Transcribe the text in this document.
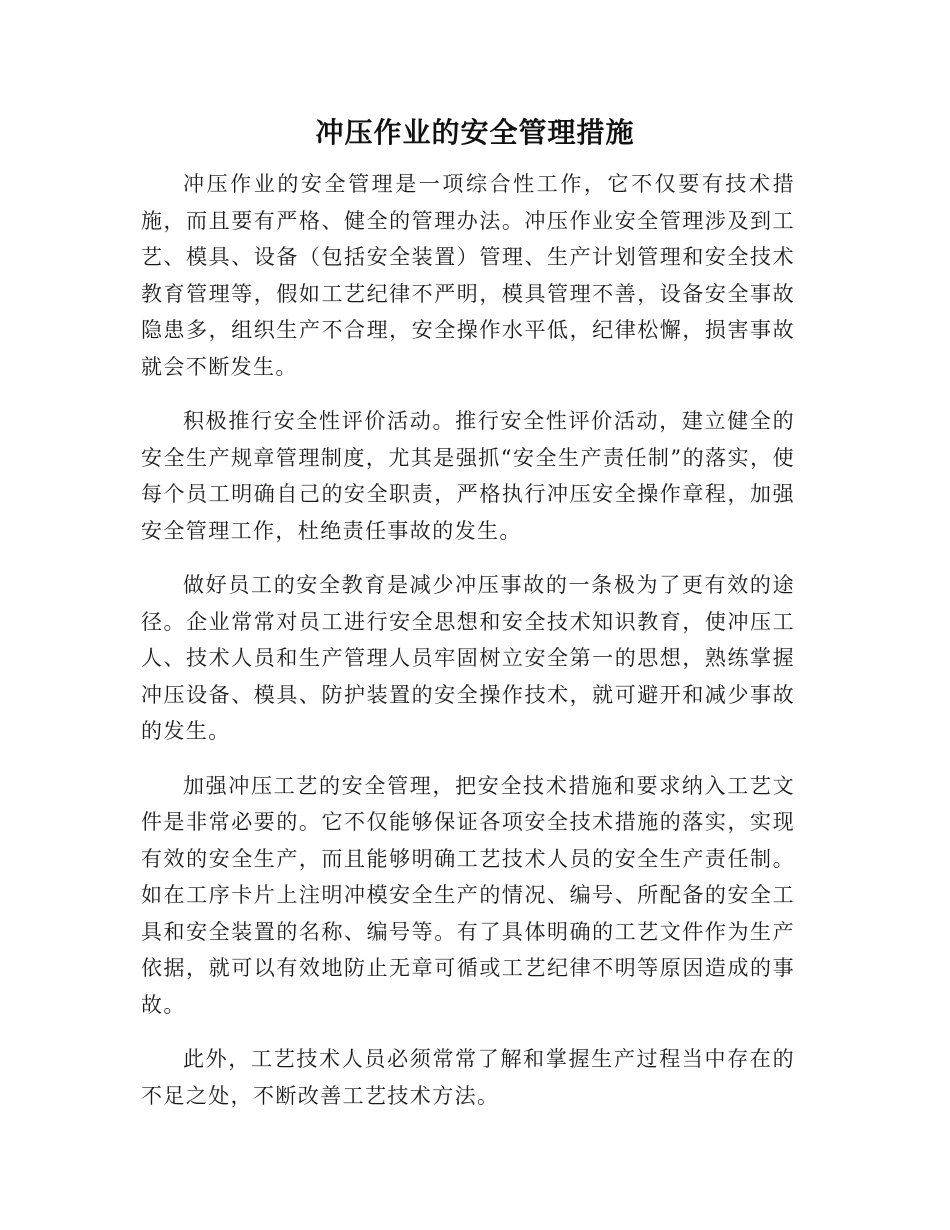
冲压作业的安全管理措施

冲压作业的安全管理是一项综合性工作，它不仅要有技术措施，而且要有严格、健全的管理办法。冲压作业安全管理涉及到工艺、模具、设备（包括安全装置）管理、生产计划管理和安全技术教育管理等，假如工艺纪律不严明，模具管理不善，设备安全事故隐患多，组织生产不合理，安全操作水平低，纪律松懈，损害事故就会不断发生。

积极推行安全性评价活动。推行安全性评价活动，建立健全的安全生产规章管理制度，尤其是强抓“安全生产责任制”的落实，使每个员工明确自己的安全职责，严格执行冲压安全操作章程，加强安全管理工作，杜绝责任事故的发生。

做好员工的安全教育是减少冲压事故的一条极为了更有效的途径。企业常常对员工进行安全思想和安全技术知识教育，使冲压工人、技术人员和生产管理人员牢固树立安全第一的思想，熟练掌握冲压设备、模具、防护装置的安全操作技术，就可避开和减少事故的发生。

加强冲压工艺的安全管理，把安全技术措施和要求纳入工艺文件是非常必要的。它不仅能够保证各项安全技术措施的落实，实现有效的安全生产，而且能够明确工艺技术人员的安全生产责任制。如在工序卡片上注明冲模安全生产的情况、编号、所配备的安全工具和安全装置的名称、编号等。有了具体明确的工艺文件作为生产依据，就可以有效地防止无章可循或工艺纪律不明等原因造成的事故。

此外，工艺技术人员必须常常了解和掌握生产过程当中存在的不足之处，不断改善工艺技术方法。
